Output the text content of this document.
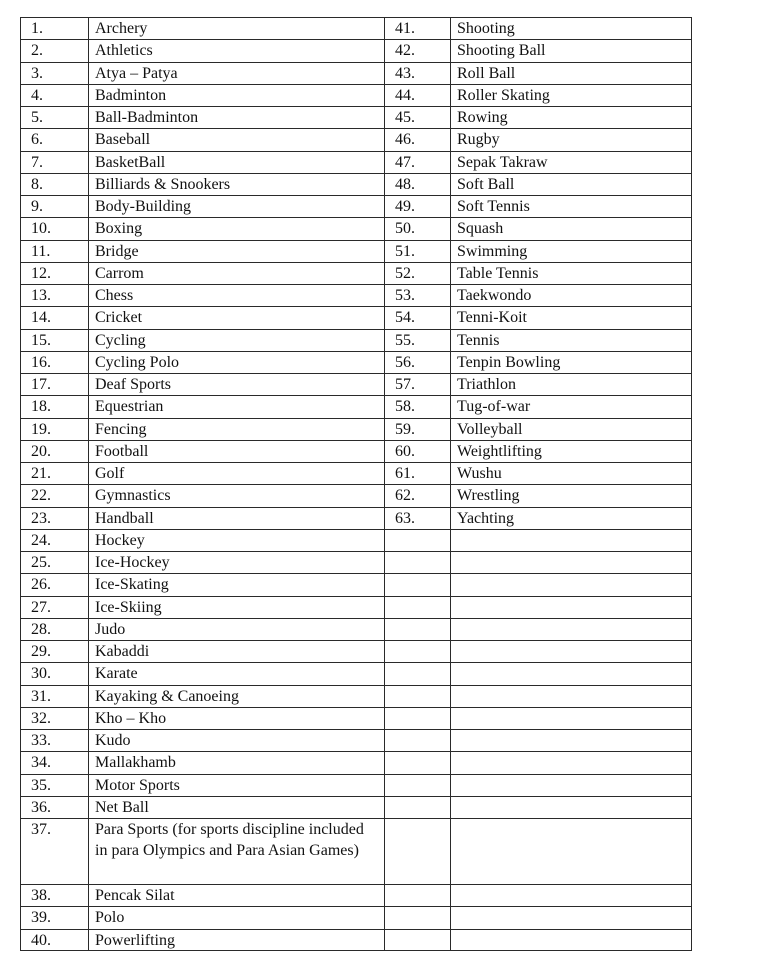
1.	Archery	41.	Shooting
2.	Athletics	42.	Shooting Ball
3.	Atya – Patya	43.	Roll Ball
4.	Badminton	44.	Roller Skating
5.	Ball-Badminton	45.	Rowing
6.	Baseball	46.	Rugby
7.	BasketBall	47.	Sepak Takraw
8.	Billiards & Snookers	48.	Soft Ball
9.	Body-Building	49.	Soft Tennis
10.	Boxing	50.	Squash
11.	Bridge	51.	Swimming
12.	Carrom	52.	Table Tennis
13.	Chess	53.	Taekwondo
14.	Cricket	54.	Tenni-Koit
15.	Cycling	55.	Tennis
16.	Cycling Polo	56.	Tenpin Bowling
17.	Deaf Sports	57.	Triathlon
18.	Equestrian	58.	Tug-of-war
19.	Fencing	59.	Volleyball
20.	Football	60.	Weightlifting
21.	Golf	61.	Wushu
22.	Gymnastics	62.	Wrestling
23.	Handball	63.	Yachting
24.	Hockey
25.	Ice-Hockey
26.	Ice-Skating
27.	Ice-Skiing
28.	Judo
29.	Kabaddi
30.	Karate
31.	Kayaking & Canoeing
32.	Kho – Kho
33.	Kudo
34.	Mallakhamb
35.	Motor Sports
36.	Net Ball
37.	Para Sports (for sports discipline included in para Olympics and Para Asian Games)
38.	Pencak Silat
39.	Polo
40.	Powerlifting
